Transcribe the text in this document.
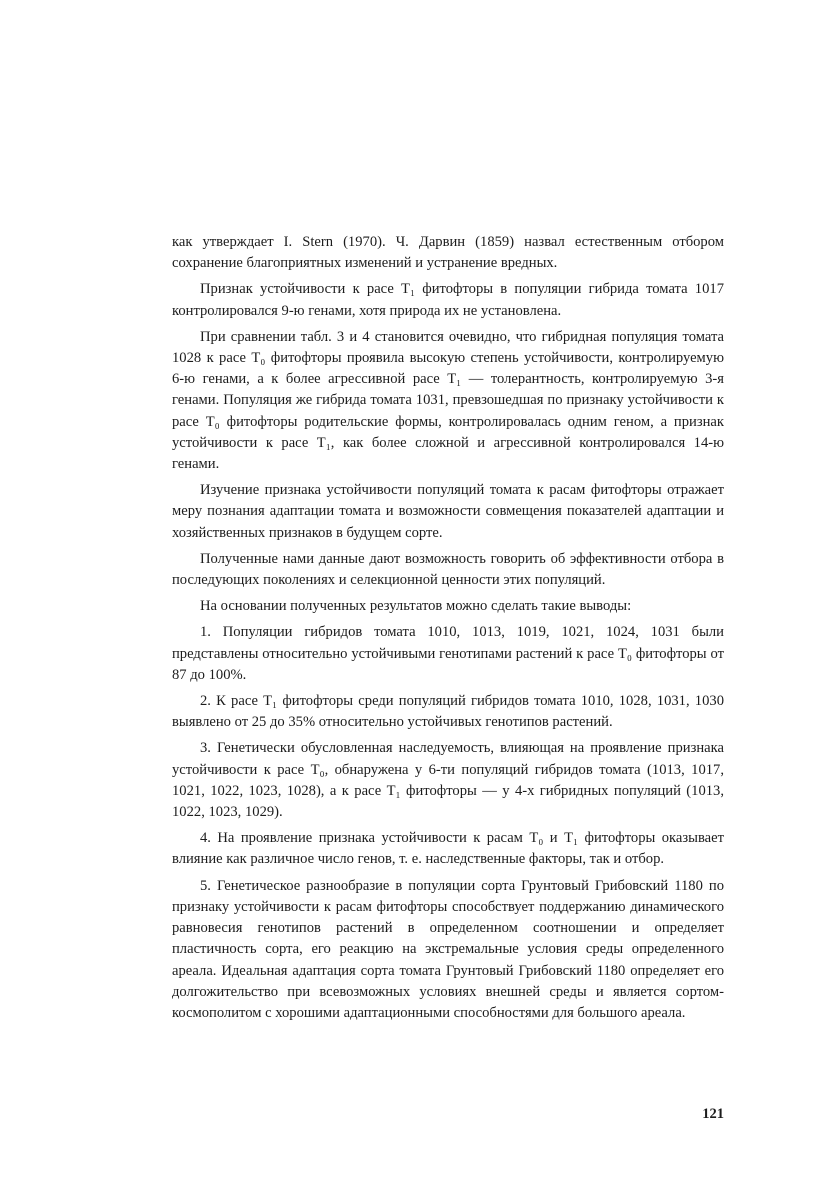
как утверждает I. Stern (1970). Ч. Дарвин (1859) назвал естественным отбором сохранение благоприятных изменений и устранение вредных.

Признак устойчивости к расе T₁ фитофторы в популяции гибрида томата 1017 контролировался 9-ю генами, хотя природа их не установлена.

При сравнении табл. 3 и 4 становится очевидно, что гибридная популяция томата 1028 к расе T₀ фитофторы проявила высокую степень устойчивости, контролируемую 6-ю генами, а к более агрессивной расе T₁ — толерантность, контролируемую 3-я генами. Популяция же гибрида томата 1031, превзошедшая по признаку устойчивости к расе T₀ фитофторы родительские формы, контролировалась одним геном, а признак устойчивости к расе T₁, как более сложной и агрессивной контролировался 14-ю генами.

Изучение признака устойчивости популяций томата к расам фитофторы отражает меру познания адаптации томата и возможности совмещения показателей адаптации и хозяйственных признаков в будущем сорте.

Полученные нами данные дают возможность говорить об эффективности отбора в последующих поколениях и селекционной ценности этих популяций.

На основании полученных результатов можно сделать такие выводы:

1. Популяции гибридов томата 1010, 1013, 1019, 1021, 1024, 1031 были представлены относительно устойчивыми генотипами растений к расе T₀ фитофторы от 87 до 100%.

2. К расе T₁ фитофторы среди популяций гибридов томата 1010, 1028, 1031, 1030 выявлено от 25 до 35% относительно устойчивых генотипов растений.

3. Генетически обусловленная наследуемость, влияющая на проявление признака устойчивости к расе T₀, обнаружена у 6-ти популяций гибридов томата (1013, 1017, 1021, 1022, 1023, 1028), а к расе T₁ фитофторы — у 4-х гибридных популяций (1013, 1022, 1023, 1029).

4. На проявление признака устойчивости к расам T₀ и T₁ фитофторы оказывает влияние как различное число генов, т. е. наследственные факторы, так и отбор.

5. Генетическое разнообразие в популяции сорта Грунтовый Грибовский 1180 по признаку устойчивости к расам фитофторы способствует поддержанию динамического равновесия генотипов растений в определенном соотношении и определяет пластичность сорта, его реакцию на экстремальные условия среды определенного ареала. Идеальная адаптация сорта томата Грунтовый Грибовский 1180 определяет его долгожительство при всевозможных условиях внешней среды и является сортом-космополитом с хорошими адаптационными способностями для большого ареала.

121
